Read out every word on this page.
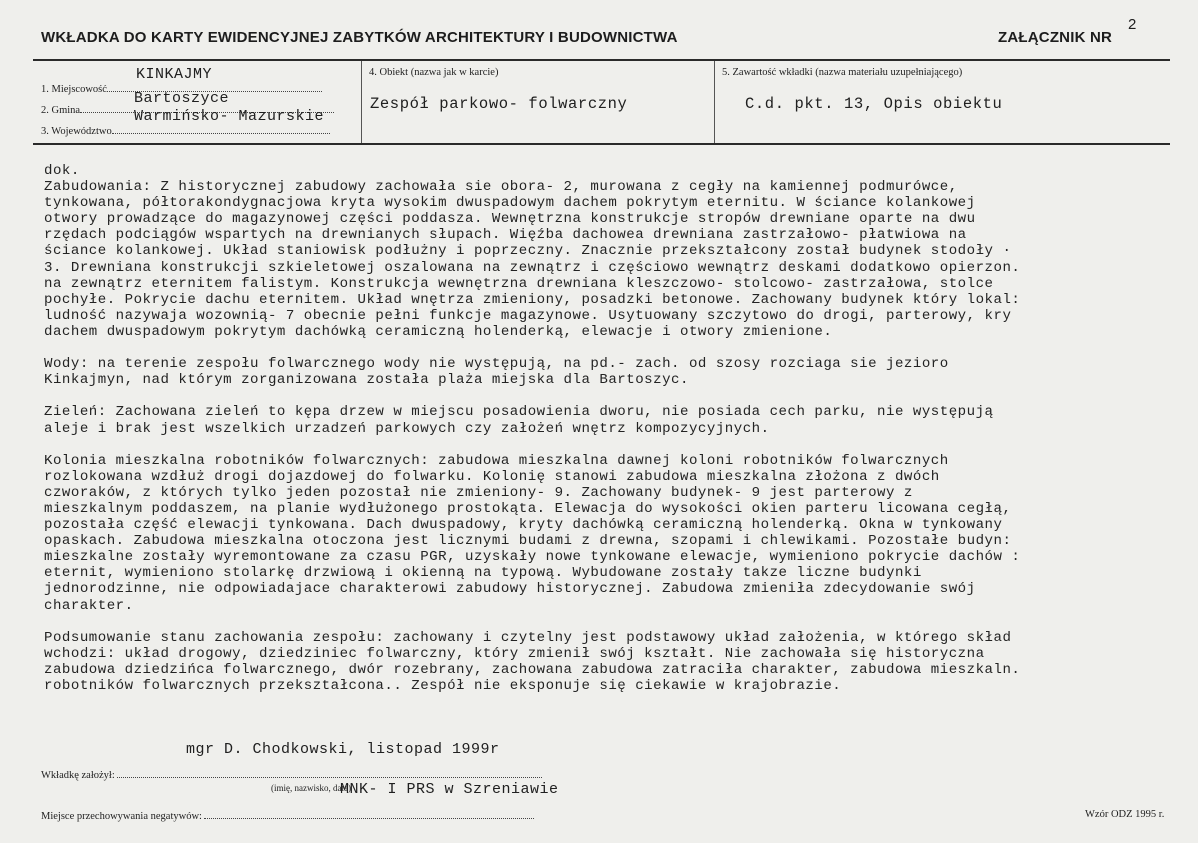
WKŁADKA DO KARTY EWIDENCYJNEJ ZABYTKÓW ARCHITEKTURY I BUDOWNICTWA	ZAŁĄCZNIK NR
2
1. Miejscowość
KINKAJMY
2. Gmina
Bartoszyce
3. Województwo
Warmińsko- Mazurskie
4. Obiekt (nazwa jak w karcie)
Zespół parkowo- folwarczny
5. Zawartość wkładki (nazwa materiału uzupełniającego)
C.d. pkt. 13, Opis obiektu

dok.
Zabudowania: Z historycznej zabudowy zachowała sie obora- 2, murowana z cegły na kamiennej podmurówce,
tynkowana, półtorakondygnacjowa kryta wysokim dwuspadowym dachem pokrytym eternitu. W ściance kolankowej
otwory prowadzące do magazynowej części poddasza. Wewnętrzna konstrukcje stropów drewniane oparte na dwu
rzędach podciągów wspartych na drewnianych słupach. Więźba dachowea drewniana zastrzałowo- płatwiowa na
ściance kolankowej. Układ staniowisk podłużny i poprzeczny. Znacznie przekształcony został budynek stodoły ·
3. Drewniana konstrukcji szkieletowej oszalowana na zewnątrz i częściowo wewnątrz deskami dodatkowo opierzon.
na zewnątrz eternitem falistym. Konstrukcja wewnętrzna drewniana kleszczowo- stolcowo- zastrzałowa, stolce
pochyłe. Pokrycie dachu eternitem. Układ wnętrza zmieniony, posadzki betonowe. Zachowany budynek który lokal:
ludność nazywaja wozownią- 7 obecnie pełni funkcje magazynowe. Usytuowany szczytowo do drogi, parterowy, kry
dachem dwuspadowym pokrytym dachówką ceramiczną holenderką, elewacje i otwory zmienione.

Wody: na terenie zespołu folwarcznego wody nie występują, na pd.- zach. od szosy rozciaga sie jezioro
Kinkajmyn, nad którym zorganizowana została plaża miejska dla Bartoszyc.

Zieleń: Zachowana zieleń to kępa drzew w miejscu posadowienia dworu, nie posiada cech parku, nie występują
aleje i brak jest wszelkich urzadzeń parkowych czy założeń wnętrz kompozycyjnych.

Kolonia mieszkalna robotników folwarcznych: zabudowa mieszkalna dawnej koloni robotników folwarcznych
rozlokowana wzdłuż drogi dojazdowej do folwarku. Kolonię stanowi zabudowa mieszkalna złożona z dwóch
czworaków, z których tylko jeden pozostał nie zmieniony- 9. Zachowany budynek- 9 jest parterowy z
mieszkalnym poddaszem, na planie wydłużonego prostokąta. Elewacja do wysokości okien parteru licowana cegłą,
pozostała część elewacji tynkowana. Dach dwuspadowy, kryty dachówką ceramiczną holenderką. Okna w tynkowany
opaskach. Zabudowa mieszkalna otoczona jest licznymi budami z drewna, szopami i chlewikami. Pozostałe budyn:
mieszkalne zostały wyremontowane za czasu PGR, uzyskały nowe tynkowane elewacje, wymieniono pokrycie dachów :
eternit, wymieniono stolarkę drzwiową i okienną na typową. Wybudowane zostały takze liczne budynki
jednorodzinne, nie odpowiadajace charakterowi zabudowy historycznej. Zabudowa zmieniła zdecydowanie swój
charakter.

Podsumowanie stanu zachowania zespołu: zachowany i czytelny jest podstawowy układ założenia, w którego skład
wchodzi: układ drogowy, dziedziniec folwarczny, który zmienił swój kształt. Nie zachowała się historyczna
zabudowa dziedzińca folwarcznego, dwór rozebrany, zachowana zabudowa zatraciła charakter, zabudowa mieszkaln.
robotników folwarcznych przekształcona.. Zespół nie eksponuje się ciekawie w krajobrazie.

mgr D. Chodkowski, listopad 1999r
Wkładkę założył:
(imię, nazwisko, data)
MNK- I PRS w Szreniawie
Miejsce przechowywania negatywów:	Wzór ODZ 1995 r.
